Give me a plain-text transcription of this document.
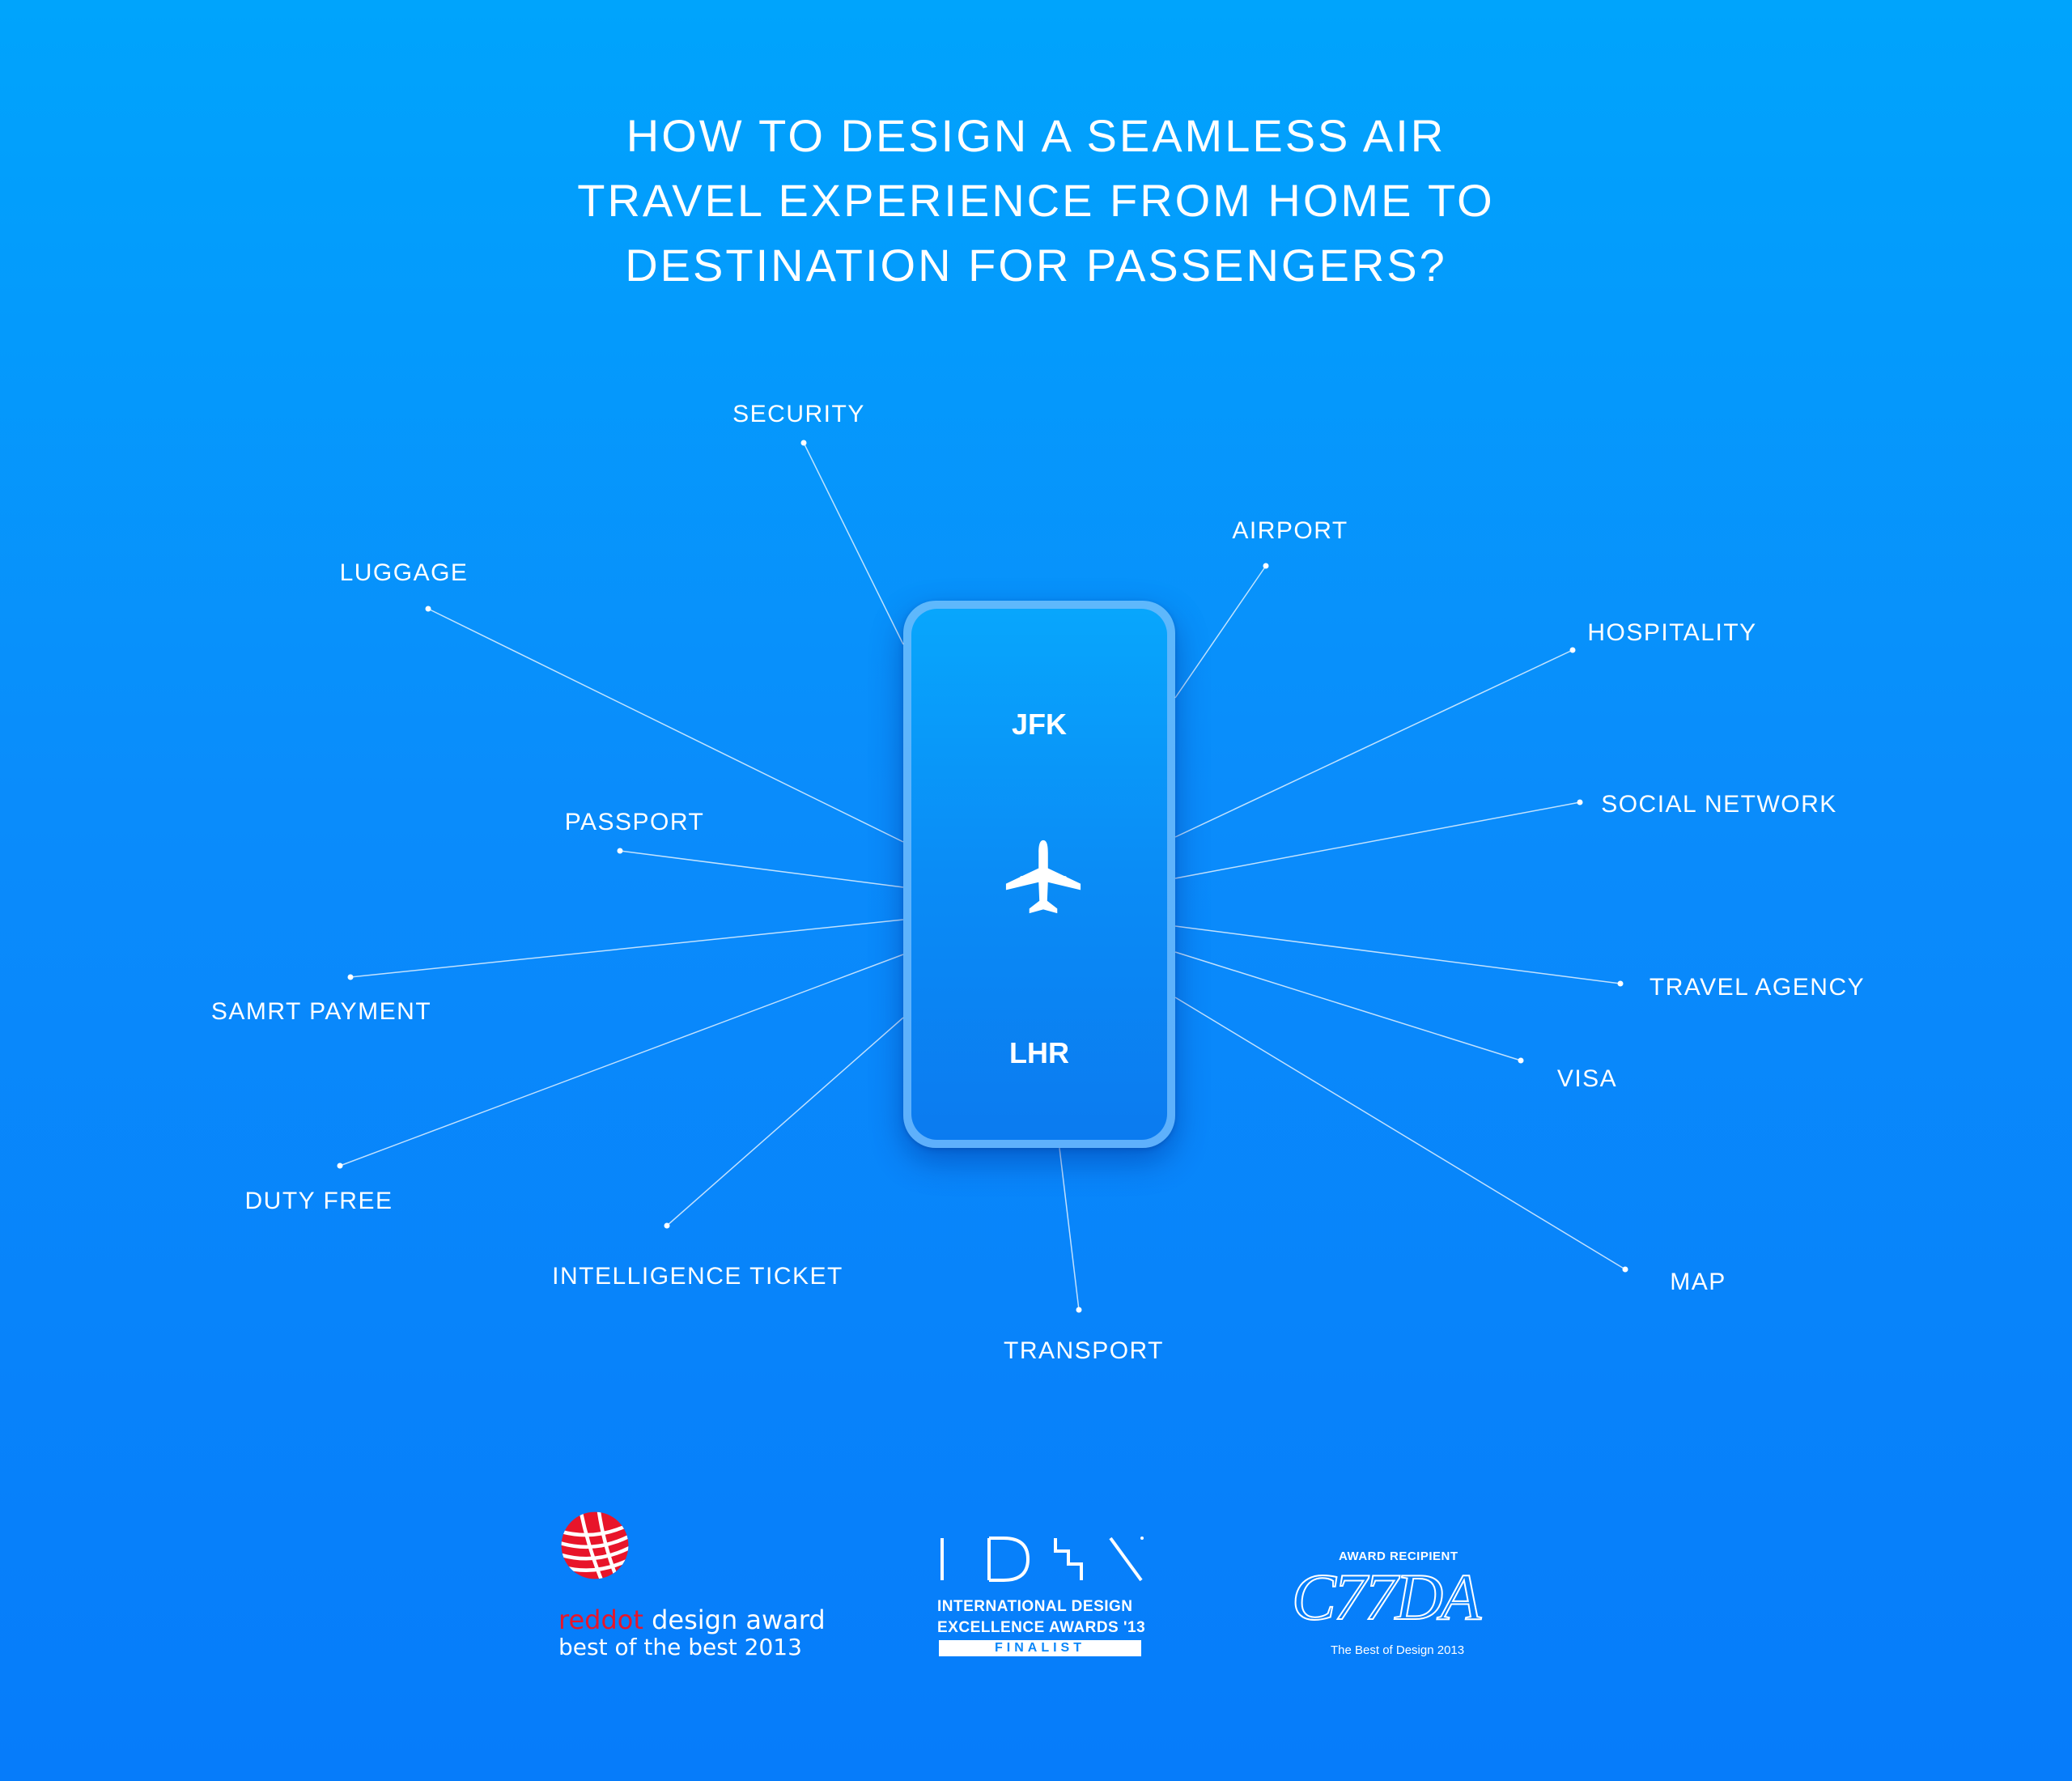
HOW TO DESIGN A SEAMLESS AIR
TRAVEL EXPERIENCE FROM HOME TO
DESTINATION FOR PASSENGERS?
SECURITY
AIRPORT
LUGGAGE
HOSPITALITY
SOCIAL NETWORK
PASSPORT
TRAVEL AGENCY
SAMRT PAYMENT
VISA
DUTY FREE
INTELLIGENCE TICKET	MAP
TRANSPORT
JFK
LHR
reddot design award
best of the best 2013
INTERNATIONAL DESIGN
EXCELLENCE AWARDS '13
FINALIST
AWARD RECIPIENT
C77DA
The Best of Design 2013
